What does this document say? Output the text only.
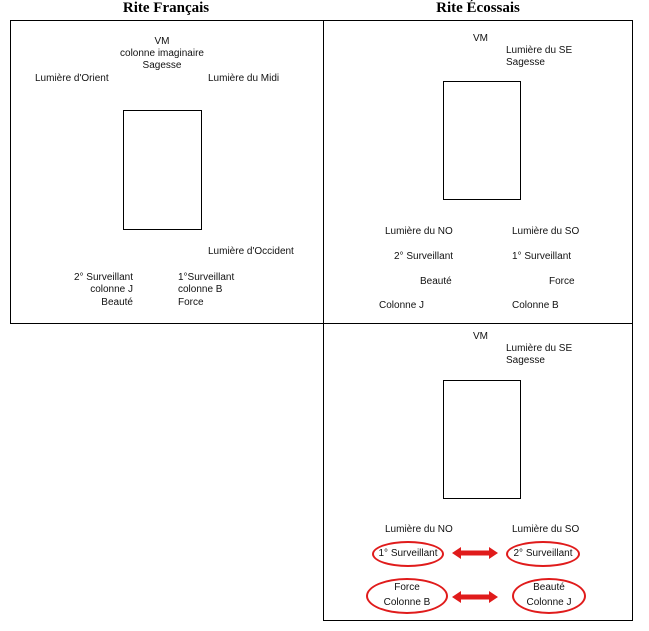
Rite Français	Rite Écossais
VM
colonne imaginaire
Sagesse
Lumière d'Orient	Lumière du Midi
Lumière d'Occident
2° Surveillant
colonne J
Beauté
1°Surveillant
colonne B
Force
VM
Lumière du SE
Sagesse
Lumière du NO	Lumière du SO
2° Surveillant	1° Surveillant
Beauté	Force
Colonne J	Colonne B
VM
Lumière du SE
Sagesse
Lumière du NO	Lumière du SO
1° Surveillant	2° Surveillant
Force
Colonne B
Beauté
Colonne J
